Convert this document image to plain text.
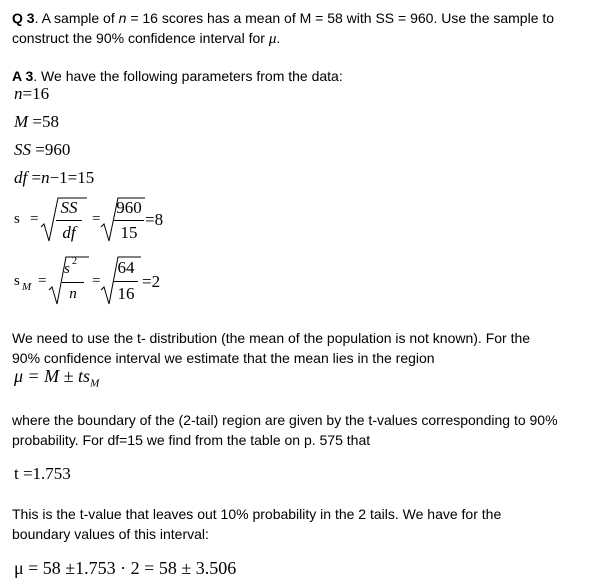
Q 3. A sample of n = 16 scores has a mean of M = 58 with SS = 960. Use the sample to
construct the 90% confidence interval for μ.
A 3. We have the following parameters from the data:
n=16
M =58
SS =960
df =n−1=15
s =
SS
df
=
960
15
=8
s M =
s 2
n
=
64
16
=2
We need to use the t- distribution (the mean of the population is not known). For the
90% confidence interval we estimate that the mean lies in the region
$\mu = M \pm ts_M$
where the boundary of the (2-tail) region are given by the t-values corresponding to 90%
probability. For df=15 we find from the table on p. 575 that
t =1.753
This is the t-value that leaves out 10% probability in the 2 tails. We have for the
boundary values of this interval:
μ = 58 ±1.753 · 2 = 58 ± 3.506
